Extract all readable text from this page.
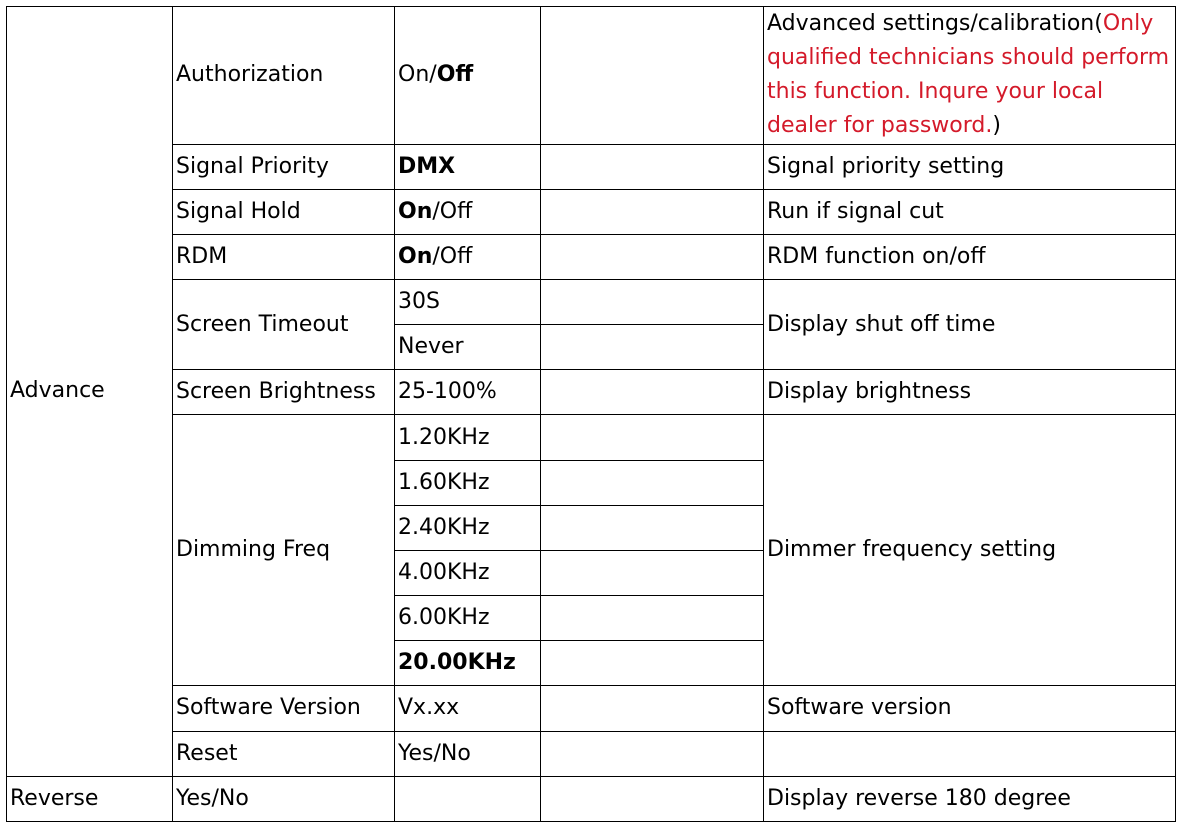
Advance	Authorization	On/Off		Advanced settings/calibration(Only qualified technicians should perform this function. Inqure your local dealer for password.)	
	Signal Priority	DMX		Signal priority setting	
	Signal Hold	On/Off		Run if signal cut	
	RDM	On/Off		RDM function on/off	
	Screen Timeout	30S		Display shut off time	
		Never			
	Screen Brightness	25-100%		Display brightness	
	Dimming Freq	1.20KHz		Dimmer frequency setting	
		1.60KHz			
		2.40KHz			
		4.00KHz			
		6.00KHz			
		20.00KHz			
	Software Version	Vx.xx		Software version	
	Reset	Yes/No			
Reverse	Yes/No			Display reverse 180 degree	
